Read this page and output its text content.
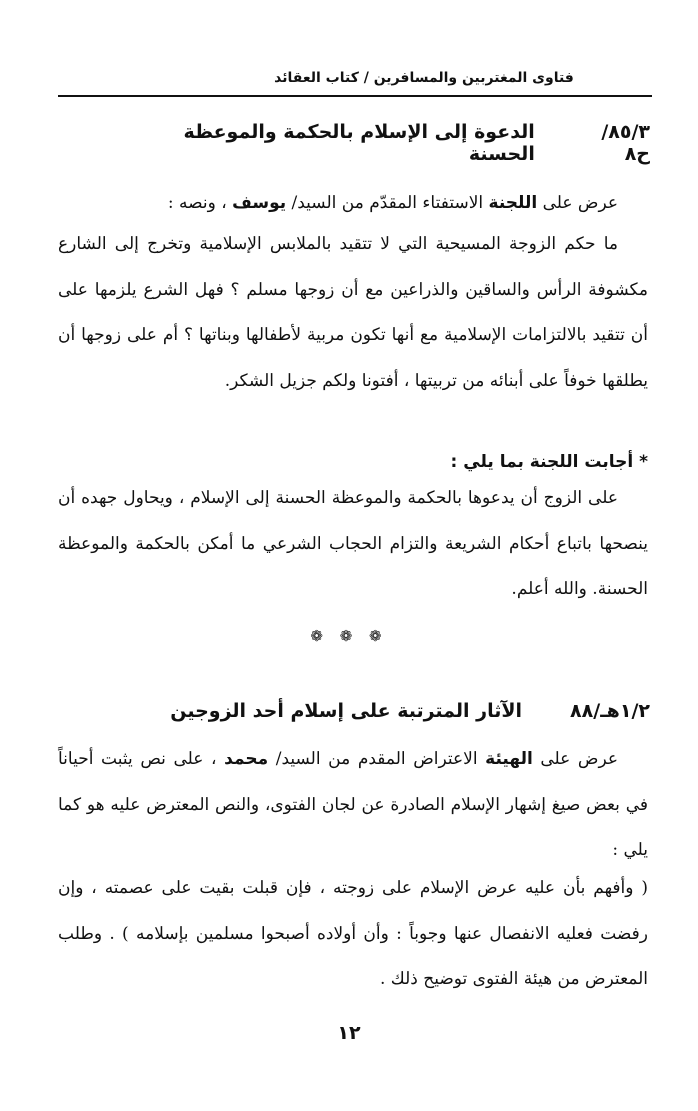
فتاوى المغتربين والمسافرين / كتاب العقائد
٨٥/٣/ح٨
الدعوة إلى الإسلام بالحكمة والموعظة الحسنة

عرض على اللجنة الاستفتاء المقدّم من السيد/ يوسف ، ونصه :

ما حكم الزوجة المسيحية التي لا تتقيد بالملابس الإسلامية وتخرج إلى الشارع مكشوفة الرأس والساقين والذراعين مع أن زوجها مسلم ؟ فهل الشرع يلزمها على أن تتقيد بالالتزامات الإسلامية مع أنها تكون مربية لأطفالها وبناتها ؟ أم على زوجها أن يطلقها خوفاً على أبنائه من تربيتها ، أفتونا ولكم جزيل الشكر.

* أجابت اللجنة بما يلي :

على الزوج أن يدعوها بالحكمة والموعظة الحسنة إلى الإسلام ، ويحاول جهده أن ينصحها باتباع أحكام الشريعة والتزام الحجاب الشرعي ما أمكن بالحكمة والموعظة الحسنة. والله أعلم.

❁ ❁ ❁
١/٢هـ/٨٨
الآثار المترتبة على إسلام أحد الزوجين

عرض على الهيئة الاعتراض المقدم من السيد/ محمد ، على نص يثبت أحياناً في بعض صيغ إشهار الإسلام الصادرة عن لجان الفتوى، والنص المعترض عليه هو كما يلي :

( وأفهم بأن عليه عرض الإسلام على زوجته ، فإن قبلت بقيت على عصمته ، وإن رفضت فعليه الانفصال عنها وجوباً : وأن أولاده أصبحوا مسلمين بإسلامه ) . وطلب المعترض من هيئة الفتوى توضيح ذلك .

١٢
